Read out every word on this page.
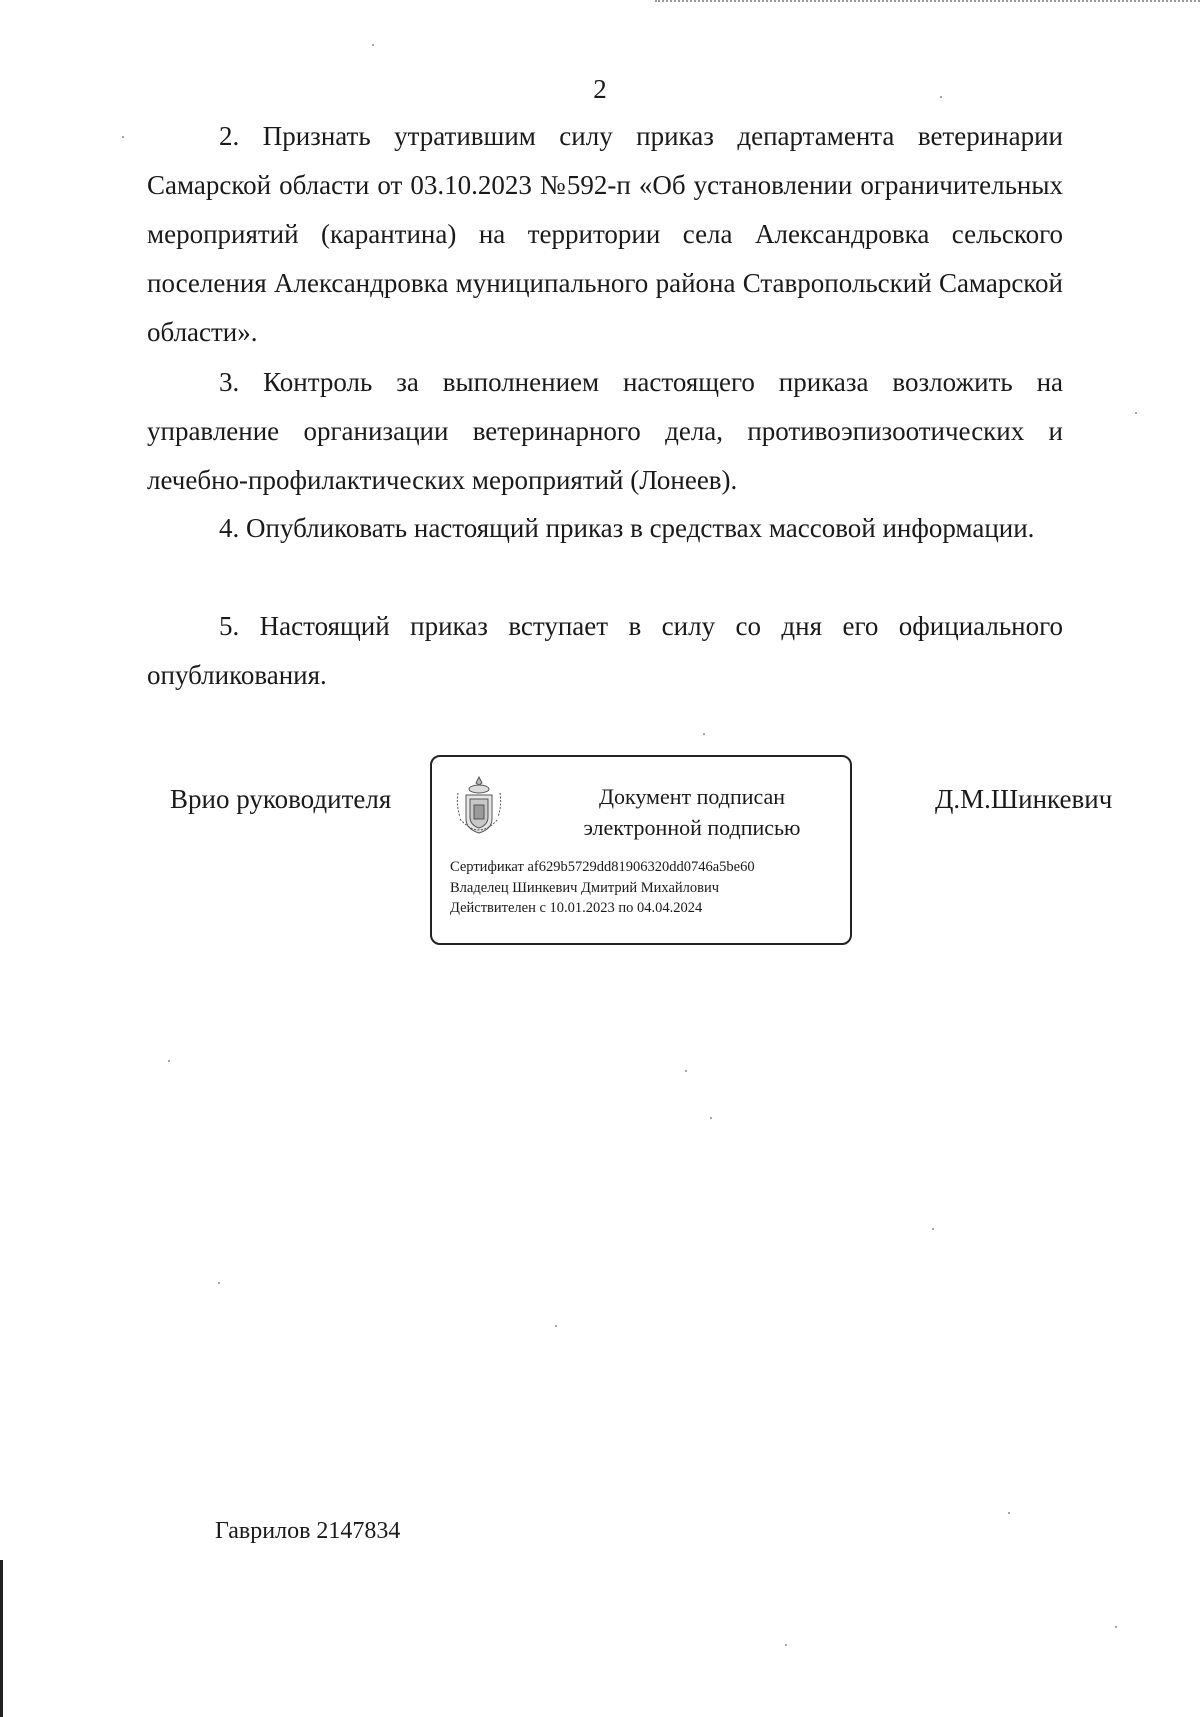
2

2. Признать утратившим силу приказ департамента ветеринарии Самарской области от 03.10.2023 №592-п «Об установлении ограничительных мероприятий (карантина) на территории села Александровка сельского поселения Александровка муниципального района Ставропольский Самарской области».

3. Контроль за выполнением настоящего приказа возложить на управление организации ветеринарного дела, противоэпизоотических и лечебно-профилактических мероприятий (Лонеев).

4. Опубликовать настоящий приказ в средствах массовой информации.

5. Настоящий приказ вступает в силу со дня его официального опубликования.

Врио руководителя	Документ подписан
электронной подписью
Сертификат af629b5729dd81906320dd0746a5be60
Владелец Шинкевич Дмитрий Михайлович
Действителен с 10.01.2023 по 04.04.2024
Д.М.Шинкевич
Гаврилов 2147834
